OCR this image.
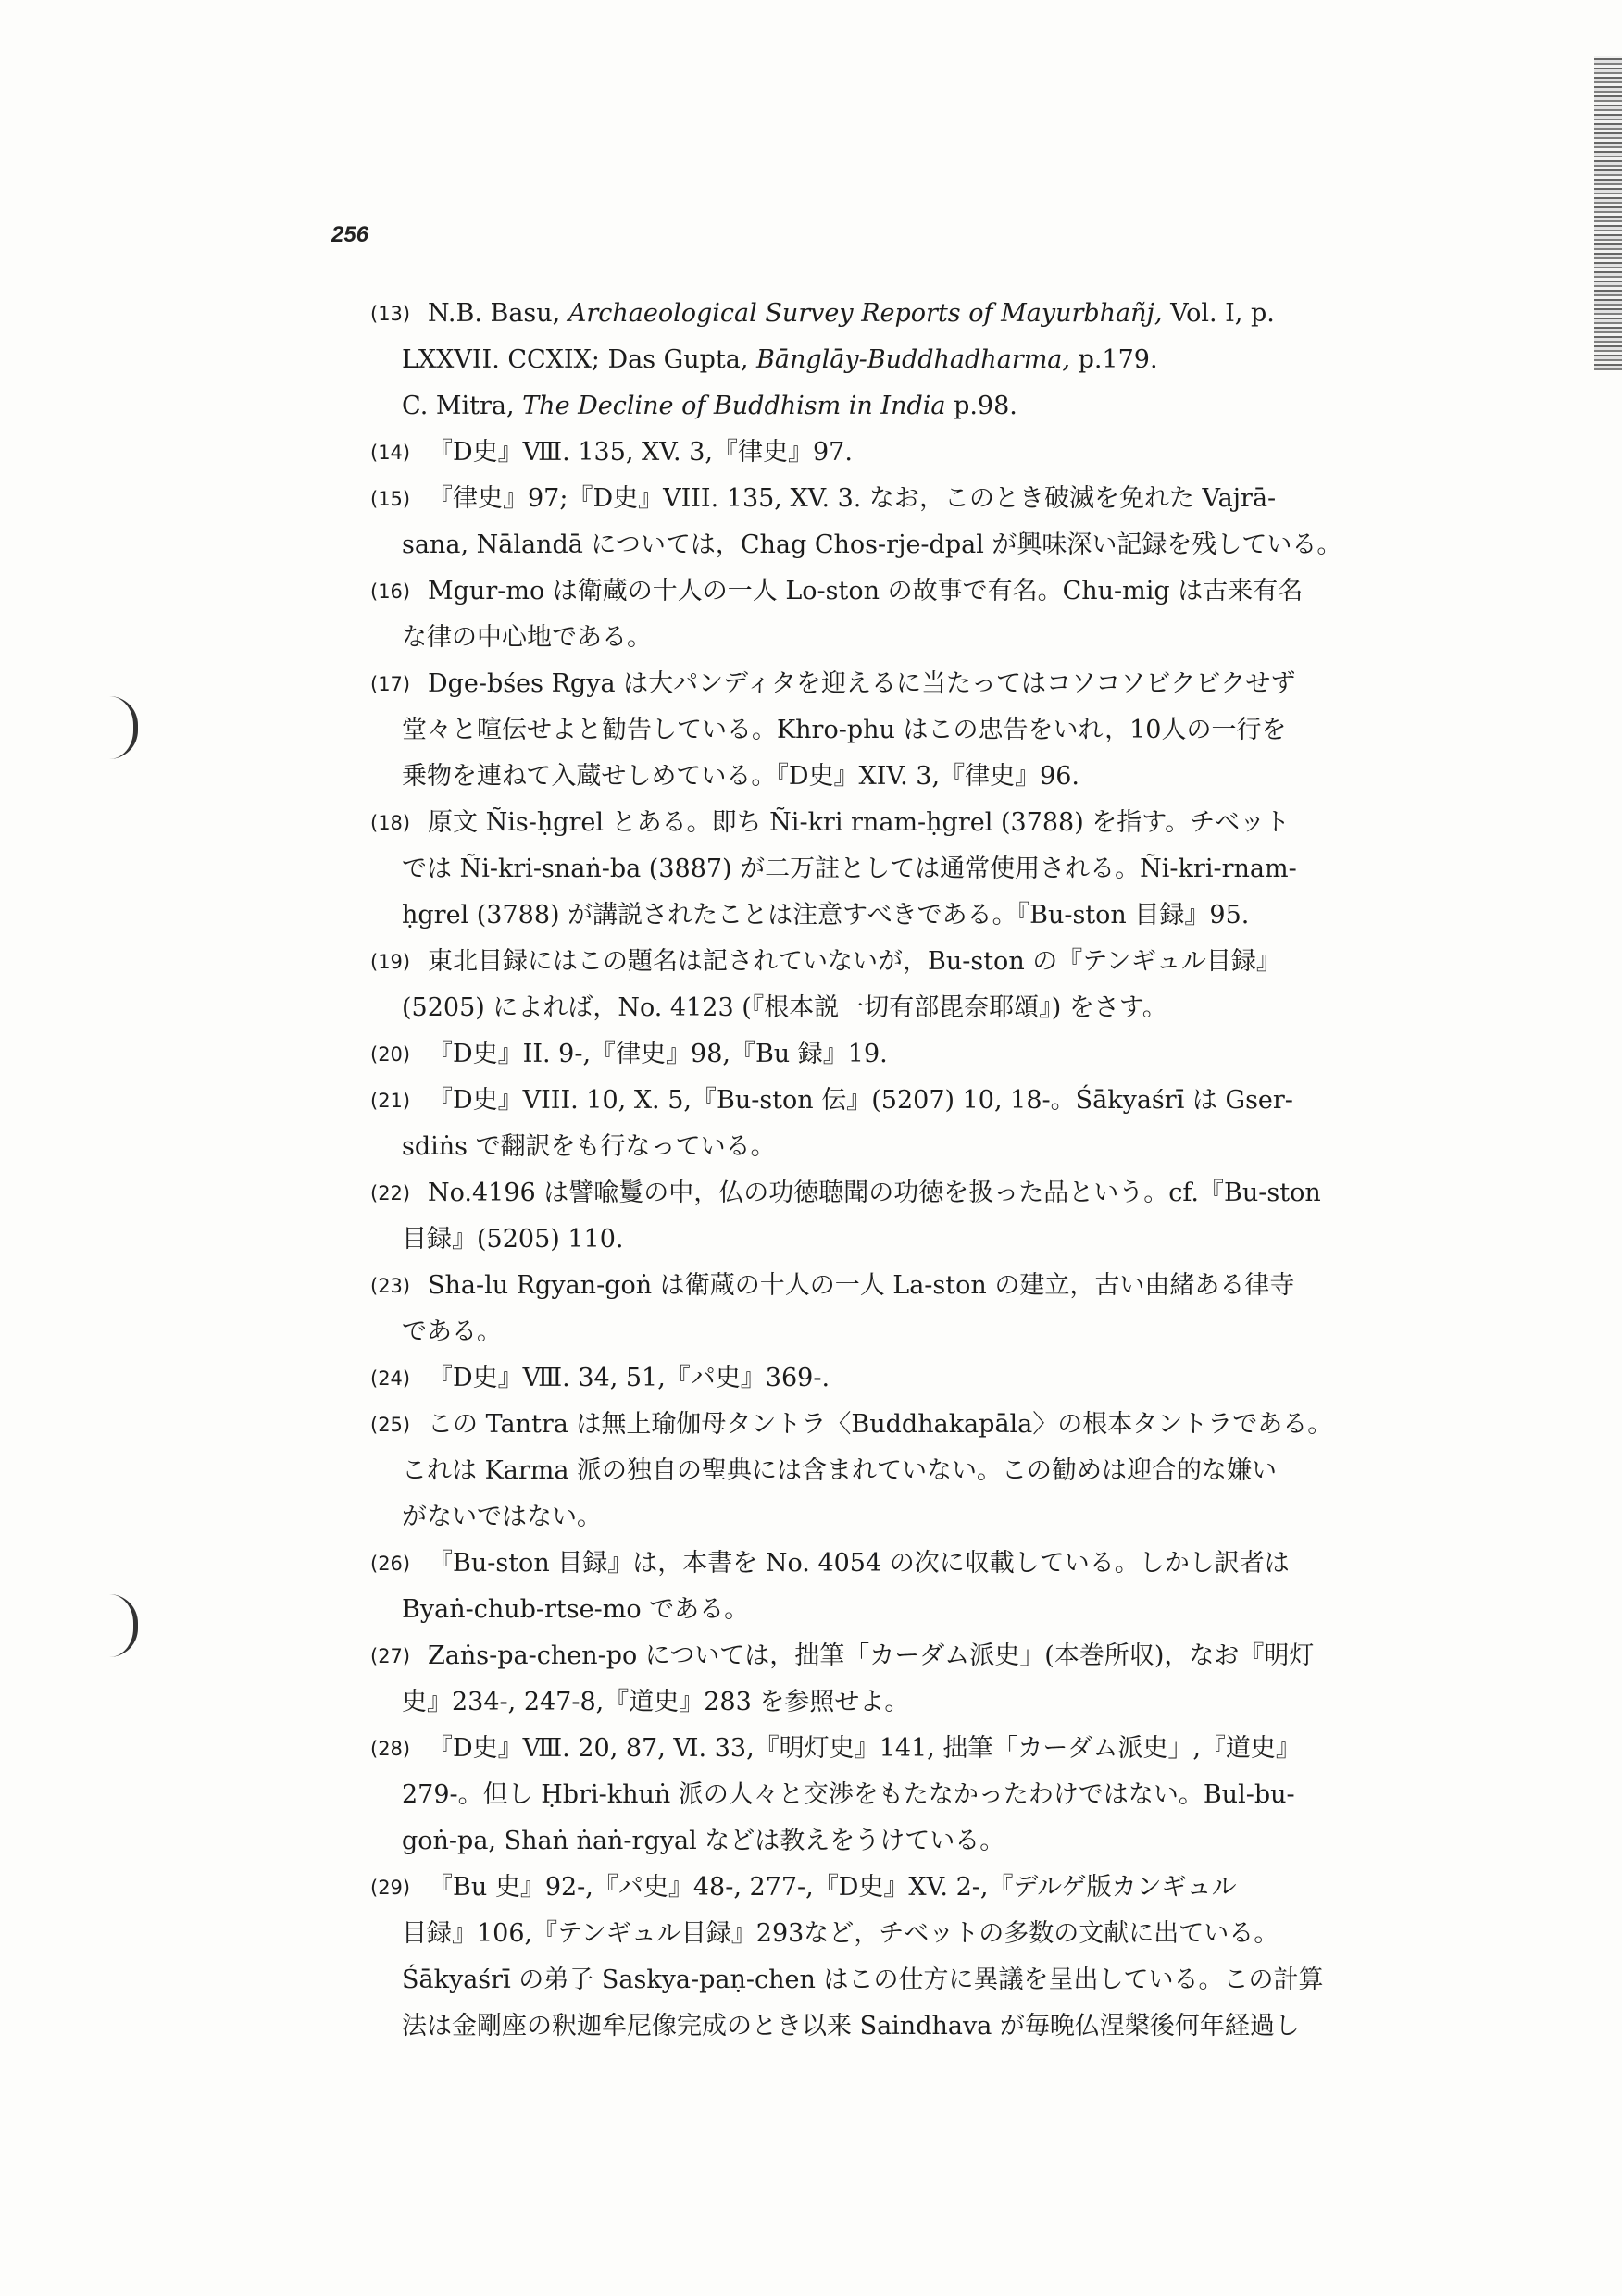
256
(13) N.B. Basu, Archaeological Survey Reports of Mayurbhañj, Vol. I, p.
LXXVII. CCXIX; Das Gupta, Bānglāy-Buddhadharma, p.179.
C. Mitra, The Decline of Buddhism in India p.98.
(14) 『D史』Ⅷ. 135, XV. 3,『律史』97.
(15) 『律史』97;『D史』VIII. 135, XV. 3. なお，このとき破滅を免れた Vajrā-
sana, Nālandā については，Chag Chos-rje-dpal が興味深い記録を残している。
(16) Mgur-mo は衛蔵の十人の一人 Lo-ston の故事で有名。Chu-mig は古来有名
な律の中心地である。
(17) Dge-bśes Rgya は大パンディタを迎えるに当たってはコソコソビクビクせず
堂々と喧伝せよと勧告している。Khro-phu はこの忠告をいれ，10人の一行を
乗物を連ねて入蔵せしめている。『D史』XIV. 3,『律史』96.
(18) 原文 Ñis-ḥgrel とある。即ち Ñi-kri rnam-ḥgrel (3788) を指す。チベット
では Ñi-kri-snaṅ-ba (3887) が二万註としては通常使用される。Ñi-kri-rnam-
ḥgrel (3788) が講説されたことは注意すべきである。『Bu-ston 目録』95.
(19) 東北目録にはこの題名は記されていないが，Bu-ston の『テンギュル目録』
(5205) によれば，No. 4123 (『根本説一切有部毘奈耶頌』) をさす。
(20) 『D史』II. 9-,『律史』98,『Bu 録』19.
(21) 『D史』VIII. 10, X. 5,『Bu-ston 伝』(5207) 10, 18-。Śākyaśrī は Gser-
sdiṅs で翻訳をも行なっている。
(22) No.4196 は譬喩鬘の中，仏の功徳聴聞の功徳を扱った品という。cf.『Bu-ston
目録』(5205) 110.
(23) Sha-lu Rgyan-goṅ は衛蔵の十人の一人 La-ston の建立，古い由緒ある律寺
である。
(24) 『D史』Ⅷ. 34, 51,『パ史』369-.
(25) この Tantra は無上瑜伽母タントラ〈Buddhakapāla〉の根本タントラである。
これは Karma 派の独自の聖典には含まれていない。この勧めは迎合的な嫌い
がないではない。
(26) 『Bu-ston 目録』は，本書を No. 4054 の次に収載している。しかし訳者は
Byaṅ-chub-rtse-mo である。
(27) Zaṅs-pa-chen-po については，拙筆「カーダム派史」(本巻所収)，なお『明灯
史』234-, 247-8,『道史』283 を参照せよ。
(28) 『D史』Ⅷ. 20, 87, Ⅵ. 33,『明灯史』141, 拙筆「カーダム派史」,『道史』
279-。但し Ḥbri-khuṅ 派の人々と交渉をもたなかったわけではない。Bul-bu-
goṅ-pa, Shaṅ ṅaṅ-rgyal などは教えをうけている。
(29) 『Bu 史』92-,『パ史』48-, 277-,『D史』XV. 2-,『デルゲ版カンギュル
目録』106,『テンギュル目録』293など，チベットの多数の文献に出ている。
Śākyaśrī の弟子 Saskya-paṇ-chen はこの仕方に異議を呈出している。この計算
法は金剛座の釈迦牟尼像完成のとき以来 Saindhava が毎晩仏涅槃後何年経過し
